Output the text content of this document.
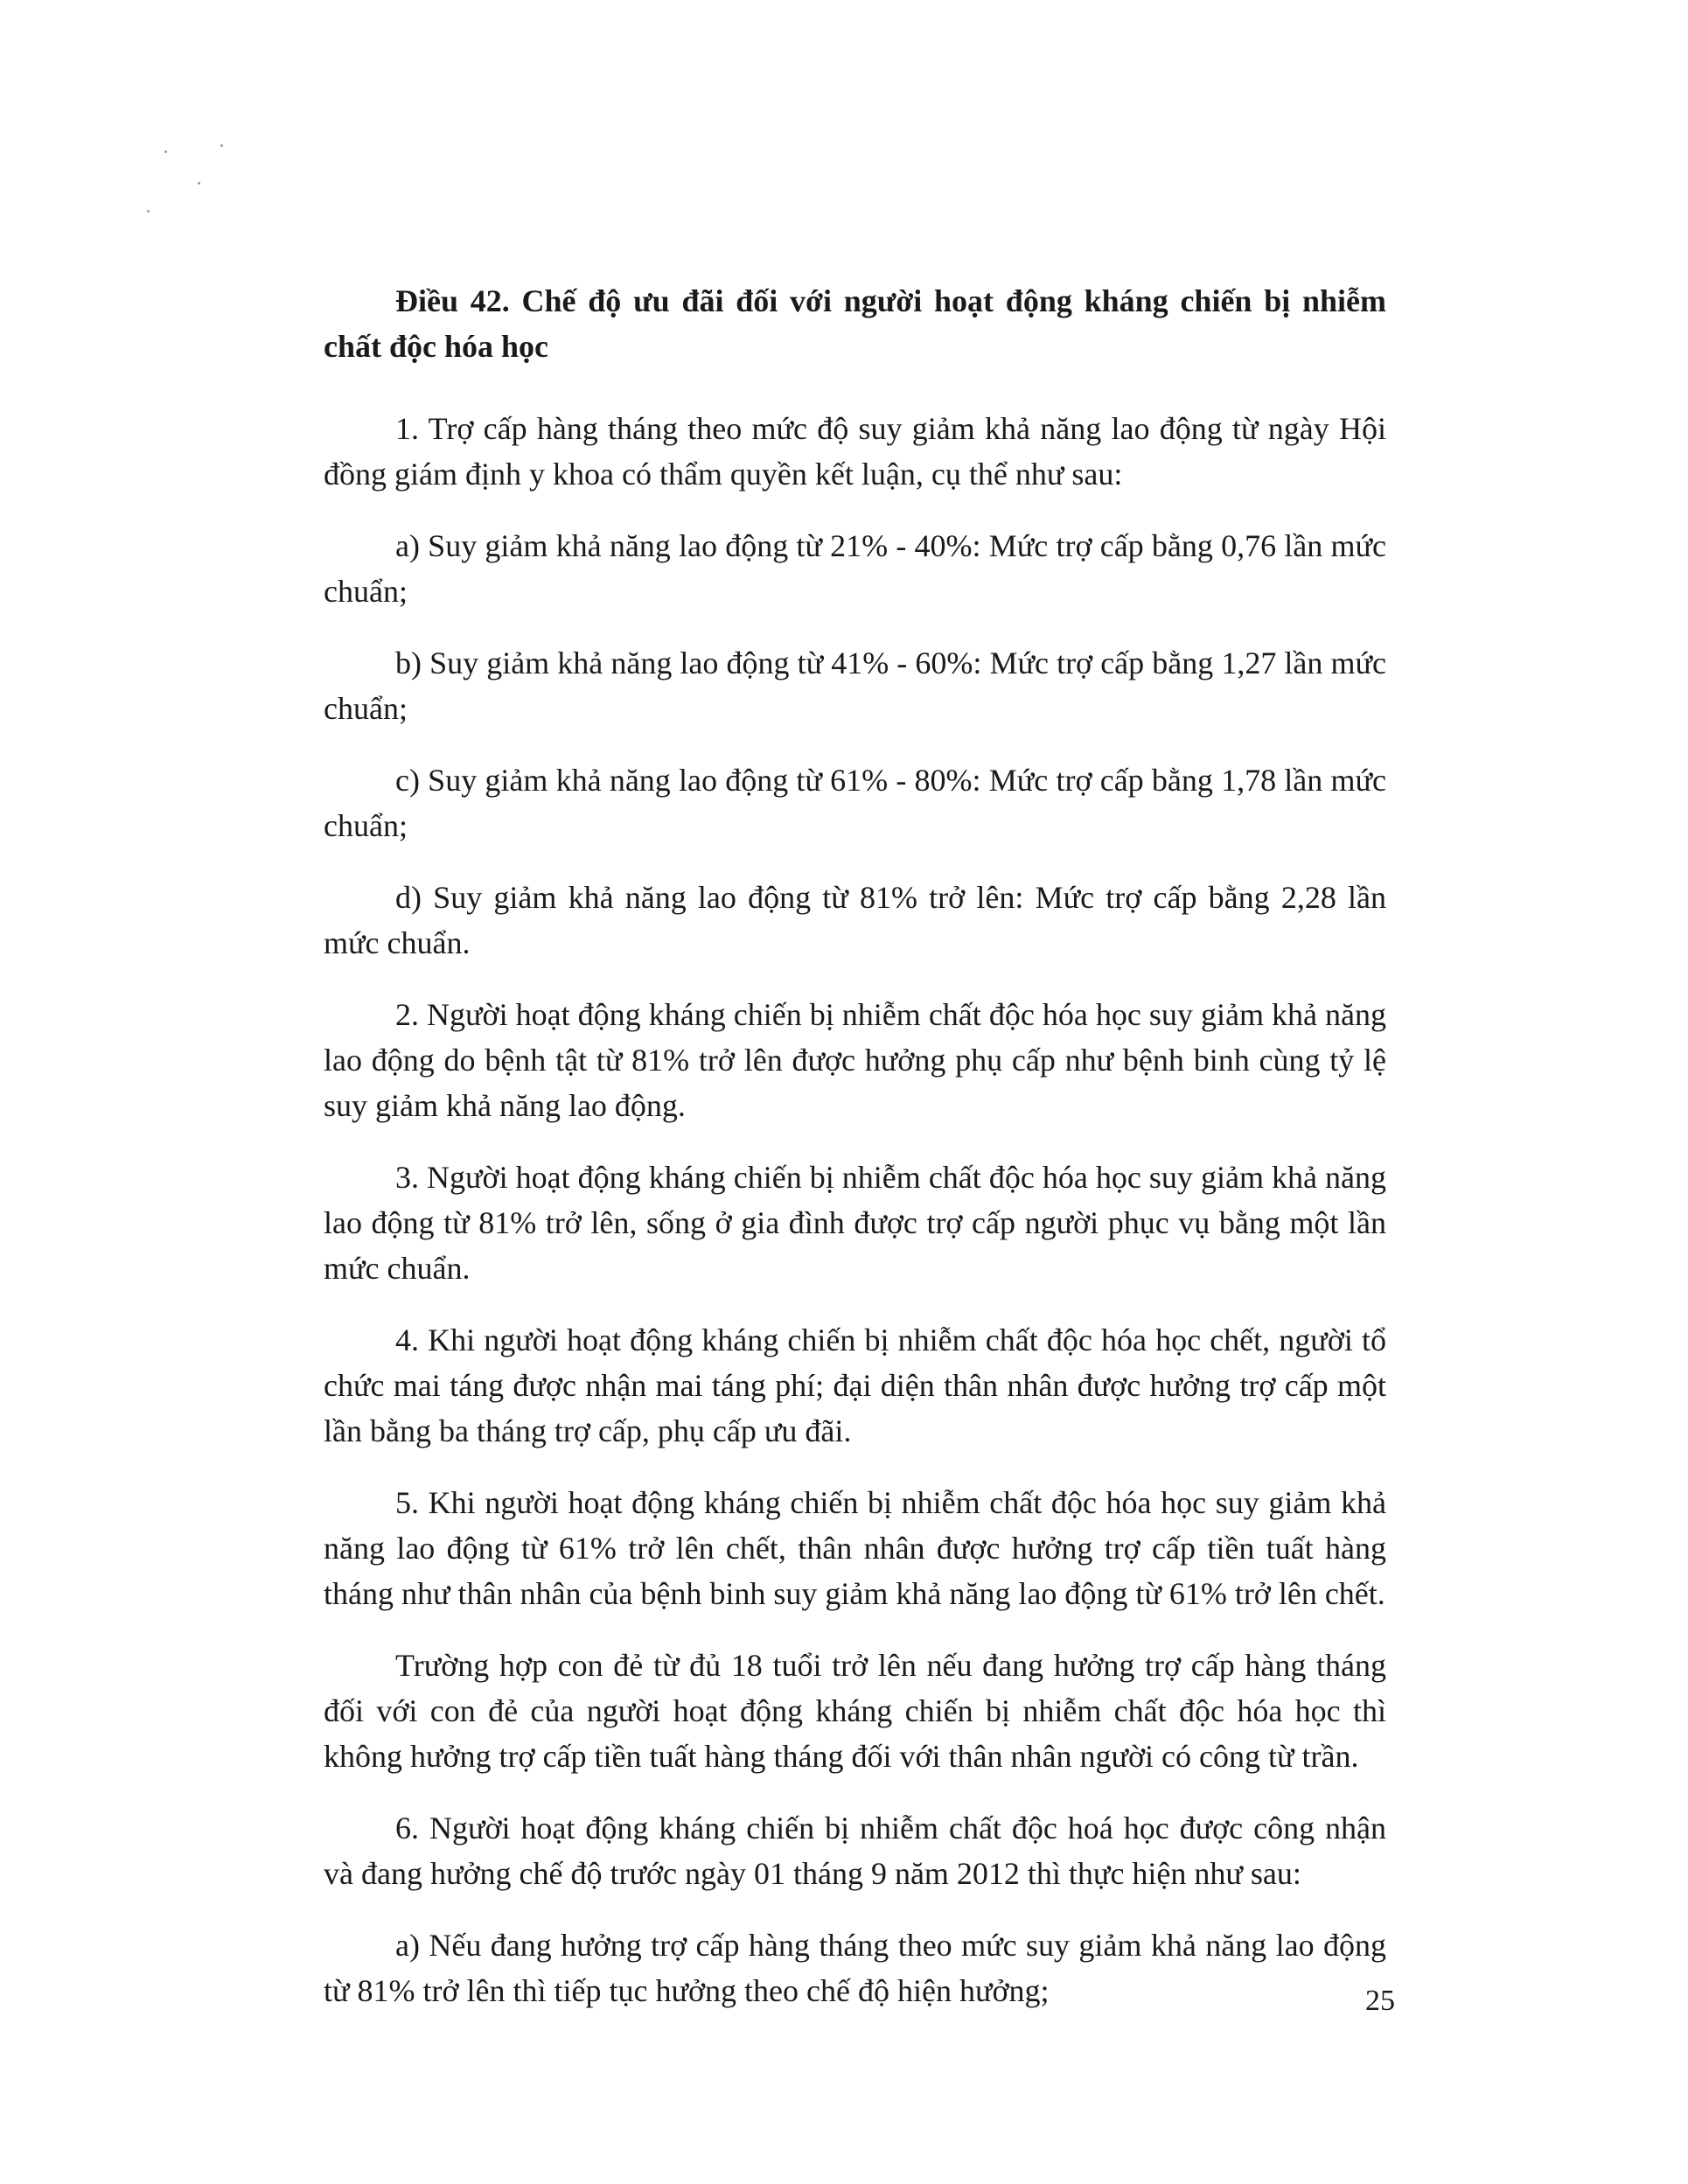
Điều 42. Chế độ ưu đãi đối với người hoạt động kháng chiến bị nhiễm chất độc hóa học

1. Trợ cấp hàng tháng theo mức độ suy giảm khả năng lao động từ ngày Hội đồng giám định y khoa có thẩm quyền kết luận, cụ thể như sau:

a) Suy giảm khả năng lao động từ 21% - 40%: Mức trợ cấp bằng 0,76 lần mức chuẩn;

b) Suy giảm khả năng lao động từ 41% - 60%: Mức trợ cấp bằng 1,27 lần mức chuẩn;

c) Suy giảm khả năng lao động từ 61% - 80%: Mức trợ cấp bằng 1,78 lần mức chuẩn;

d) Suy giảm khả năng lao động từ 81% trở lên: Mức trợ cấp bằng 2,28 lần mức chuẩn.

2. Người hoạt động kháng chiến bị nhiễm chất độc hóa học suy giảm khả năng lao động do bệnh tật từ 81% trở lên được hưởng phụ cấp như bệnh binh cùng tỷ lệ suy giảm khả năng lao động.

3. Người hoạt động kháng chiến bị nhiễm chất độc hóa học suy giảm khả năng lao động từ 81% trở lên, sống ở gia đình được trợ cấp người phục vụ bằng một lần mức chuẩn.

4. Khi người hoạt động kháng chiến bị nhiễm chất độc hóa học chết, người tổ chức mai táng được nhận mai táng phí; đại diện thân nhân được hưởng trợ cấp một lần bằng ba tháng trợ cấp, phụ cấp ưu đãi.

5. Khi người hoạt động kháng chiến bị nhiễm chất độc hóa học suy giảm khả năng lao động từ 61% trở lên chết, thân nhân được hưởng trợ cấp tiền tuất hàng tháng như thân nhân của bệnh binh suy giảm khả năng lao động từ 61% trở lên chết.

Trường hợp con đẻ từ đủ 18 tuổi trở lên nếu đang hưởng trợ cấp hàng tháng đối với con đẻ của người hoạt động kháng chiến bị nhiễm chất độc hóa học thì không hưởng trợ cấp tiền tuất hàng tháng đối với thân nhân người có công từ trần.

6. Người hoạt động kháng chiến bị nhiễm chất độc hoá học được công nhận và đang hưởng chế độ trước ngày 01 tháng 9 năm 2012 thì thực hiện như sau:

a) Nếu đang hưởng trợ cấp hàng tháng theo mức suy giảm khả năng lao động từ 81% trở lên thì tiếp tục hưởng theo chế độ hiện hưởng;	25
